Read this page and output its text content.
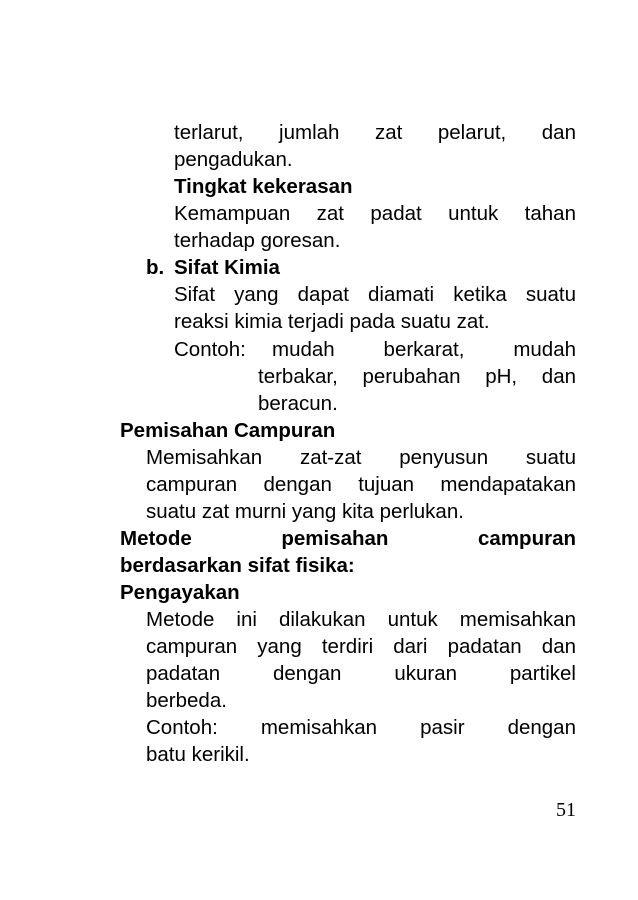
terlarut, jumlah zat pelarut, dan

pengadukan.

Tingkat kekerasan

Kemampuan zat padat untuk tahan

terhadap goresan.

b. Sifat Kimia

Sifat yang dapat diamati ketika suatu

reaksi kimia terjadi pada suatu zat.

Contoh: mudah berkarat, mudah

terbakar, perubahan pH, dan

beracun.

Pemisahan Campuran

Memisahkan zat-zat penyusun suatu

campuran dengan tujuan mendapatakan

suatu zat murni yang kita perlukan.

Metode pemisahan campuran

berdasarkan sifat fisika:

Pengayakan

Metode ini dilakukan untuk memisahkan

campuran yang terdiri dari padatan dan

padatan dengan ukuran partikel

berbeda.

Contoh: memisahkan pasir dengan

batu kerikil.

51
